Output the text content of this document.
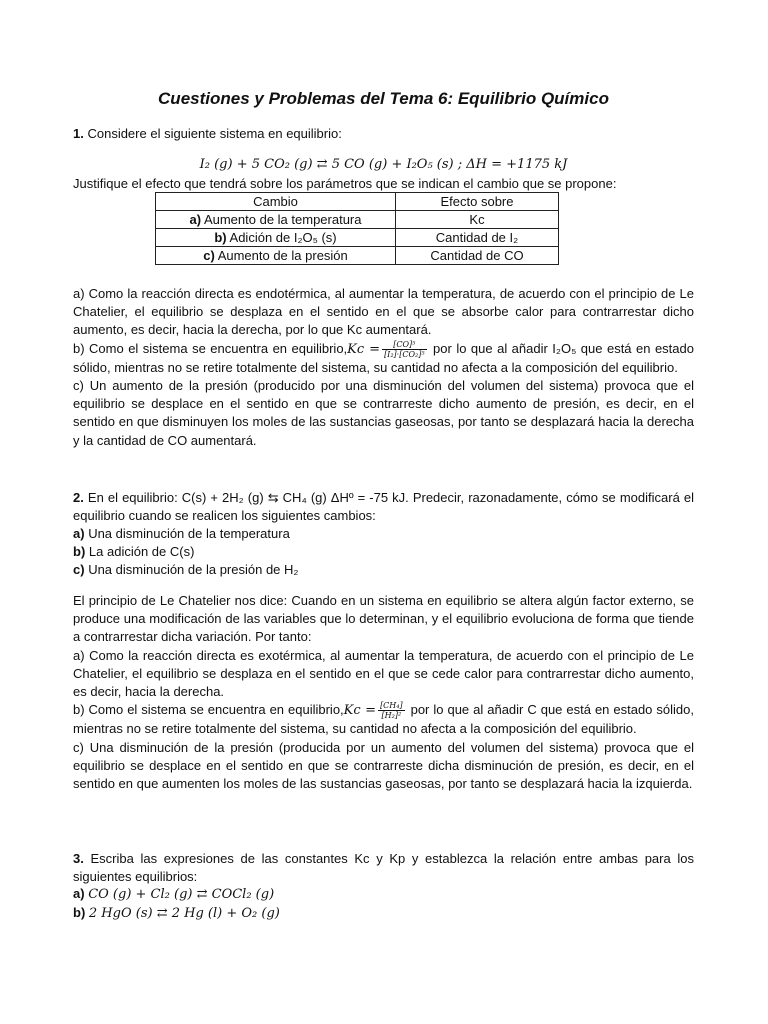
Cuestiones y Problemas del Tema 6: Equilibrio Químico
1. Considere el siguiente sistema en equilibrio:
I₂ (g) + 5 CO₂ (g) ⇄ 5 CO (g) + I₂O₅ (s) ; ΔH = +1175 kJ
Justifique el efecto que tendrá sobre los parámetros que se indican el cambio que se propone:
Cambio	Efecto sobre
a) Aumento de la temperatura	Kc
b) Adición de I₂O₅ (s)	Cantidad de I₂
c) Aumento de la presión	Cantidad de CO

a) Como la reacción directa es endotérmica, al aumentar la temperatura, de acuerdo con el principio de Le Chatelier, el equilibrio se desplaza en el sentido en el que se absorbe calor para contrarrestar dicho aumento, es decir, hacia la derecha, por lo que Kc aumentará.

b) Como el sistema se encuentra en equilibrio,Kc = $\frac{\text{[CO]⁵}}{\text{[I₂]·[CO₂]⁵}}$ por lo que al añadir I₂O₅ que está en estado sólido, mientras no se retire totalmente del sistema, su cantidad no afecta a la composición del equilibrio.

c) Un aumento de la presión (producido por una disminución del volumen del sistema) provoca que el equilibrio se desplace en el sentido en que se contrarreste dicho aumento de presión, es decir, en el sentido en que disminuyen los moles de las sustancias gaseosas, por tanto se desplazará hacia la derecha y la cantidad de CO aumentará.

2. En el equilibrio: C(s) + 2H₂ (g) ⇆ CH₄ (g) ΔHº = -75 kJ. Predecir, razonadamente, cómo se modificará el equilibrio cuando se realicen los siguientes cambios:

a) Una disminución de la temperatura
b) La adición de C(s)
c) Una disminución de la presión de H₂

El principio de Le Chatelier nos dice: Cuando en un sistema en equilibrio se altera algún factor externo, se produce una modificación de las variables que lo determinan, y el equilibrio evoluciona de forma que tiende a contrarrestar dicha variación. Por tanto:

a) Como la reacción directa es exotérmica, al aumentar la temperatura, de acuerdo con el principio de Le Chatelier, el equilibrio se desplaza en el sentido en el que se cede calor para contrarrestar dicho aumento, es decir, hacia la derecha.

b) Como el sistema se encuentra en equilibrio,Kc = $\frac{\text{[CH₄]}}{\text{[H₂]²}}$ por lo que al añadir C que está en estado sólido, mientras no se retire totalmente del sistema, su cantidad no afecta a la composición del equilibrio.

c) Una disminución de la presión (producida por un aumento del volumen del sistema) provoca que el equilibrio se desplace en el sentido en que se contrarreste dicha disminución de presión, es decir, en el sentido en que aumenten los moles de las sustancias gaseosas, por tanto se desplazará hacia la izquierda.

3. Escriba las expresiones de las constantes Kc y Kp y establezca la relación entre ambas para los siguientes equilibrios:

a) CO (g) + Cl₂ (g) ⇄ COCl₂ (g)
b) 2 HgO (s) ⇄ 2 Hg (l) + O₂ (g)
